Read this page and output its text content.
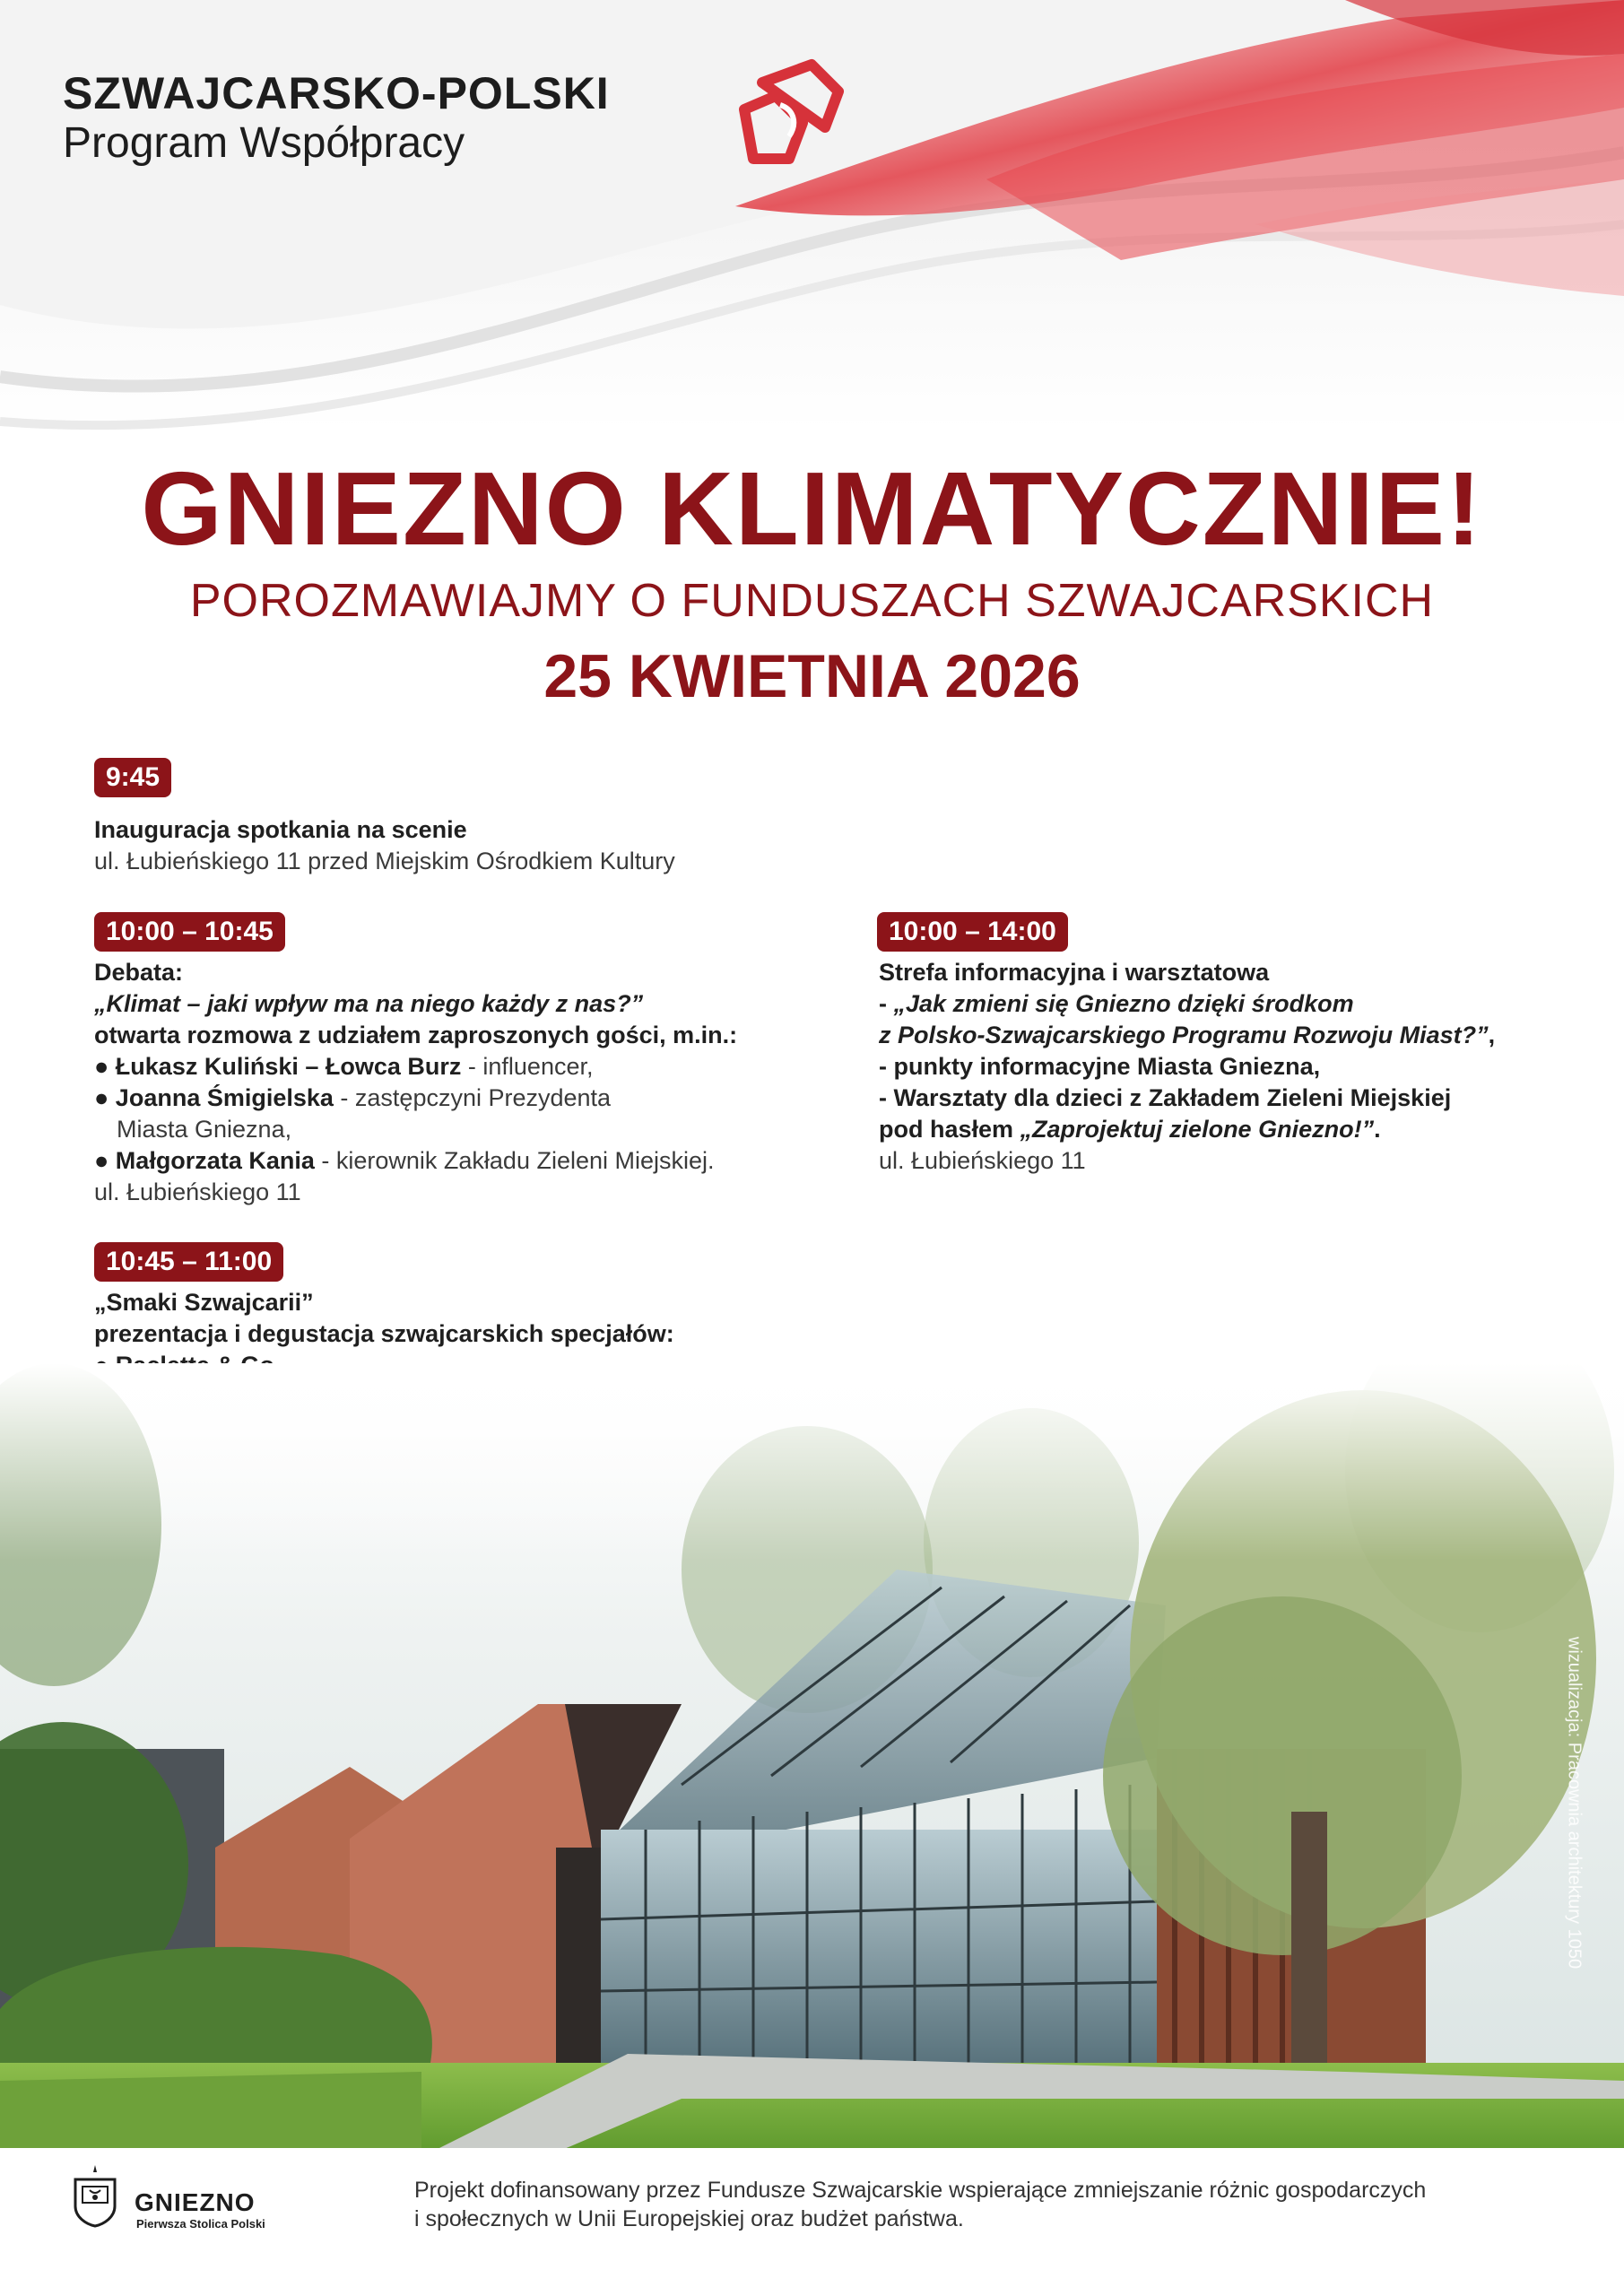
SZWAJCARSKO-POLSKI
Program Współpracy
GNIEZNO KLIMATYCZNIE!
POROZMAWIAJMY O FUNDUSZACH SZWAJCARSKICH
25 KWIETNIA 2026
9:45
Inauguracja spotkania na scenie
ul. Łubieńskiego 11 przed Miejskim Ośrodkiem Kultury
10:00 – 10:45
Debata:
„Klimat – jaki wpływ ma na niego każdy z nas?”
otwarta rozmowa z udziałem zaproszonych gości, m.in.:
● Łukasz Kuliński – Łowca Burz - influencer,
● Joanna Śmigielska - zastępczyni Prezydenta
Miasta Gniezna,
● Małgorzata Kania - kierownik Zakładu Zieleni Miejskiej.
ul. Łubieńskiego 11
10:45 – 11:00
„Smaki Szwajcarii”
prezentacja i degustacja szwajcarskich specjałów:
10:00 – 14:00
Strefa informacyjna i warsztatowa
- „Jak zmieni się Gniezno dzięki środkom
z Polsko-Szwajcarskiego Programu Rozwoju Miast?”,
- punkty informacyjne Miasta Gniezna,
- Warsztaty dla dzieci z Zakładem Zieleni Miejskiej
pod hasłem „Zaprojektuj zielone Gniezno!”.
ul. Łubieńskiego 11
wizualizacja: Pracownia architektury 1050
GNIEZNO
Pierwsza Stolica Polski
Projekt dofinansowany przez Fundusze Szwajcarskie wspierające zmniejszanie różnic gospodarczych
i społecznych w Unii Europejskiej oraz budżet państwa.
